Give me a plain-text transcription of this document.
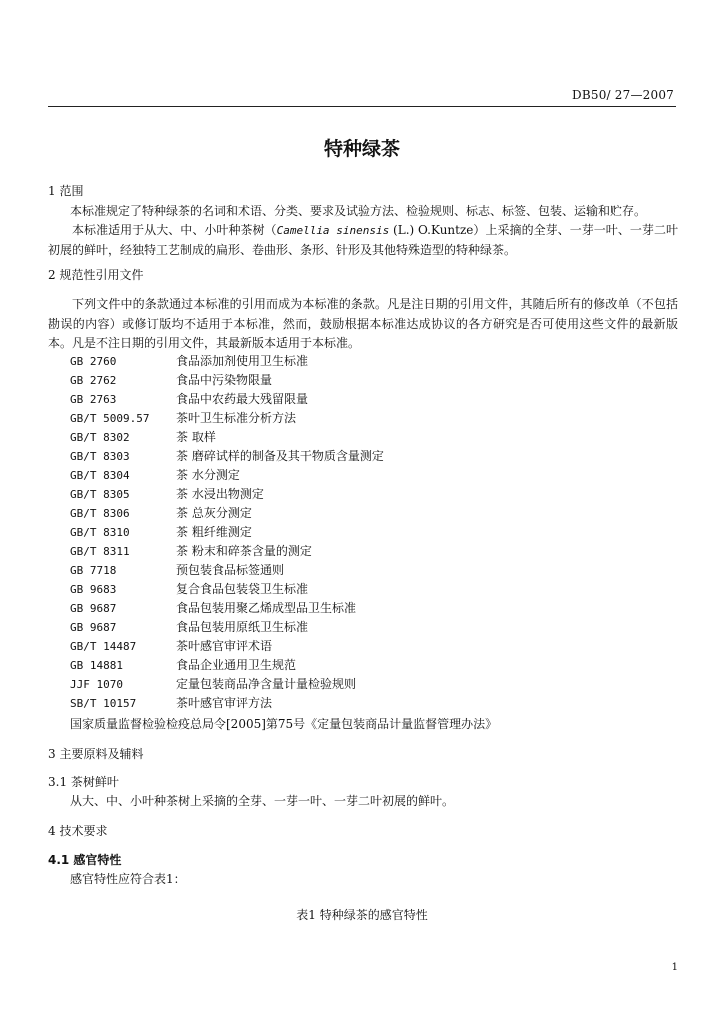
DB50/ 27—2007
特种绿茶
1 范围
本标准规定了特种绿茶的名词和术语、分类、要求及试验方法、检验规则、标志、标签、包装、运输和贮存。
本标准适用于从大、中、小叶种茶树（Camellia sinensis (L.) O.Kuntze）上采摘的全芽、一芽一叶、一芽二叶初展的鲜叶，经独特工艺制成的扁形、卷曲形、条形、针形及其他特殊造型的特种绿茶。
2 规范性引用文件
下列文件中的条款通过本标准的引用而成为本标准的条款。凡是注日期的引用文件，其随后所有的修改单（不包括勘误的内容）或修订版均不适用于本标准，然而，鼓励根据本标准达成协议的各方研究是否可使用这些文件的最新版本。凡是不注日期的引用文件，其最新版本适用于本标准。
GB 2760	食品添加剂使用卫生标准
GB 2762	食品中污染物限量
GB 2763	食品中农药最大残留限量
GB/T 5009.57 茶叶卫生标准分析方法
GB/T 8302	茶 取样
GB/T 8303	茶 磨碎试样的制备及其干物质含量测定
GB/T 8304	茶 水分测定
GB/T 8305	茶 水浸出物测定
GB/T 8306	茶 总灰分测定
GB/T 8310	茶 粗纤维测定
GB/T 8311	茶 粉末和碎茶含量的测定
GB 7718	预包装食品标签通则
GB 9683	复合食品包装袋卫生标准
GB 9687	食品包装用聚乙烯成型品卫生标准
GB 9687	食品包装用原纸卫生标准
GB/T 14487	茶叶感官审评术语
GB 14881	食品企业通用卫生规范
JJF 1070	定量包装商品净含量计量检验规则
SB/T 10157	茶叶感官审评方法
国家质量监督检验检疫总局令[2005]第75号《定量包装商品计量监督管理办法》
3 主要原料及辅料
3.1 茶树鲜叶
从大、中、小叶种茶树上采摘的全芽、一芽一叶、一芽二叶初展的鲜叶。
4 技术要求
4.1 感官特性
感官特性应符合表1：
表1 特种绿茶的感官特性
1
